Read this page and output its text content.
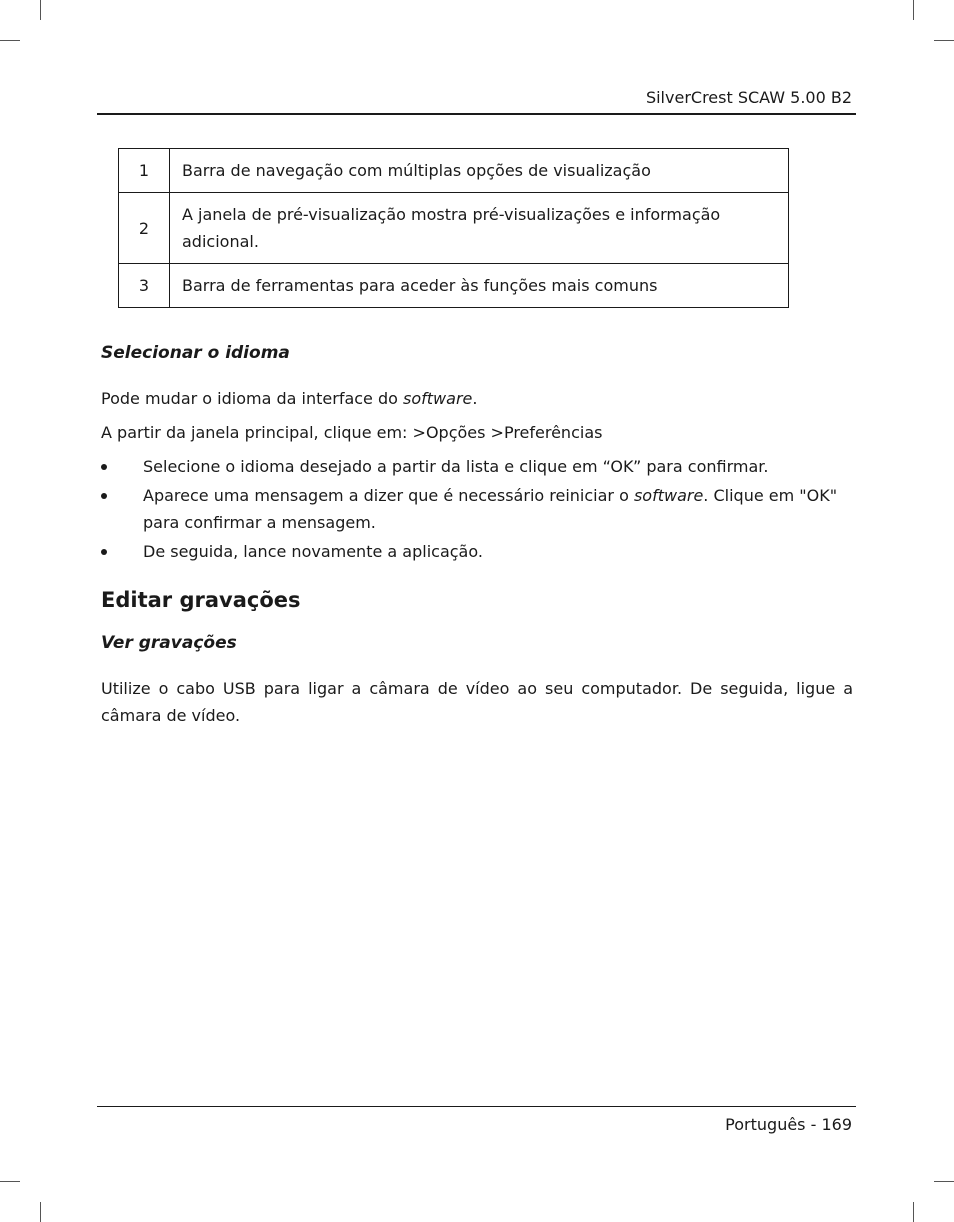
SilverCrest SCAW 5.00 B2
1	Barra de navegação com múltiplas opções de visualização
2	A janela de pré-visualização mostra pré-visualizações e informação adicional.
3	Barra de ferramentas para aceder às funções mais comuns
Selecionar o idioma

Pode mudar o idioma da interface do software.

A partir da janela principal, clique em: >Opções >Preferências

Selecione o idioma desejado a partir da lista e clique em “OK” para confirmar.
Aparece uma mensagem a dizer que é necessário reiniciar o software. Clique em "OK" para confirmar a mensagem.
De seguida, lance novamente a aplicação.
Editar gravações
Ver gravações

Utilize o cabo USB para ligar a câmara de vídeo ao seu computador. De seguida, ligue a câmara de vídeo.

Português - 169
